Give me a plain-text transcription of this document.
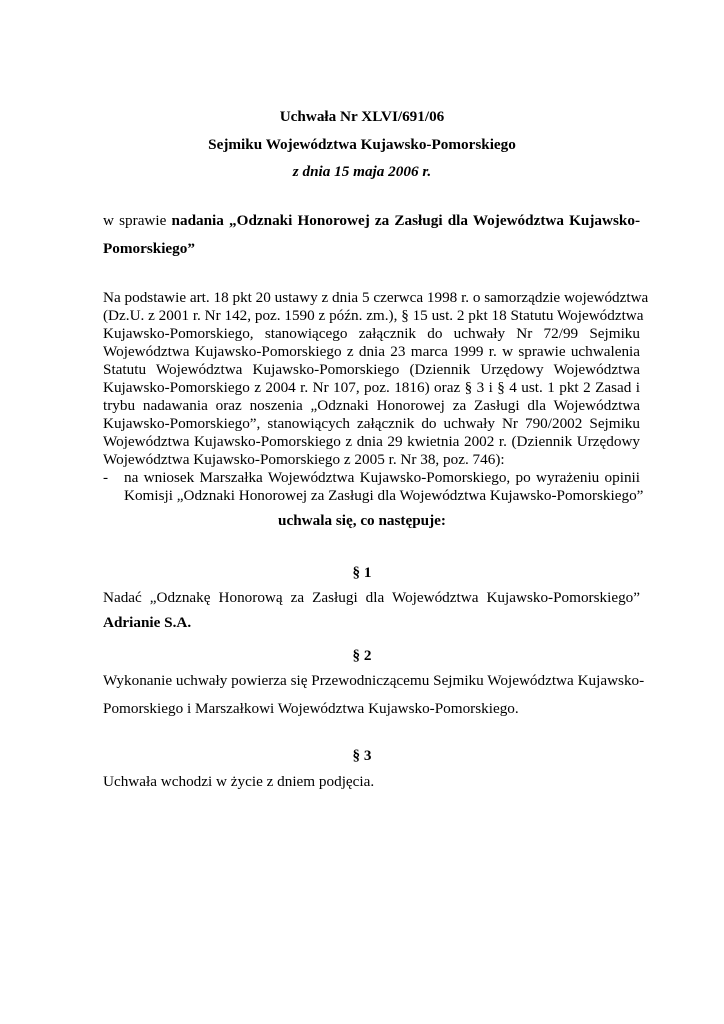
Uchwała Nr XLVI/691/06
Sejmiku Województwa Kujawsko-Pomorskiego
z dnia 15 maja 2006 r.
w sprawie nadania „Odznaki Honorowej za Zasługi dla Województwa Kujawsko-
Pomorskiego”
Na podstawie art. 18 pkt 20 ustawy z dnia 5 czerwca 1998 r. o samorządzie województwa
(Dz.U. z 2001 r. Nr 142, poz. 1590 z późn. zm.), § 15 ust. 2 pkt 18 Statutu Województwa
Kujawsko-Pomorskiego, stanowiącego załącznik do uchwały Nr 72/99 Sejmiku
Województwa Kujawsko-Pomorskiego z dnia 23 marca 1999 r. w sprawie uchwalenia
Statutu Województwa Kujawsko-Pomorskiego (Dziennik Urzędowy Województwa
Kujawsko-Pomorskiego z 2004 r. Nr 107, poz. 1816) oraz § 3 i § 4 ust. 1 pkt 2 Zasad i
trybu nadawania oraz noszenia „Odznaki Honorowej za Zasługi dla Województwa
Kujawsko-Pomorskiego”, stanowiących załącznik do uchwały Nr 790/2002 Sejmiku
Województwa Kujawsko-Pomorskiego z dnia 29 kwietnia 2002 r. (Dziennik Urzędowy
Województwa Kujawsko-Pomorskiego z 2005 r. Nr 38, poz. 746):
- na wniosek Marszałka Województwa Kujawsko-Pomorskiego, po wyrażeniu opinii
Komisji „Odznaki Honorowej za Zasługi dla Województwa Kujawsko-Pomorskiego”
uchwala się, co następuje:
§ 1
Nadać „Odznakę Honorową za Zasługi dla Województwa Kujawsko-Pomorskiego”
Adrianie S.A.
§ 2
Wykonanie uchwały powierza się Przewodniczącemu Sejmiku Województwa Kujawsko-
Pomorskiego i Marszałkowi Województwa Kujawsko-Pomorskiego.
§ 3
Uchwała wchodzi w życie z dniem podjęcia.
